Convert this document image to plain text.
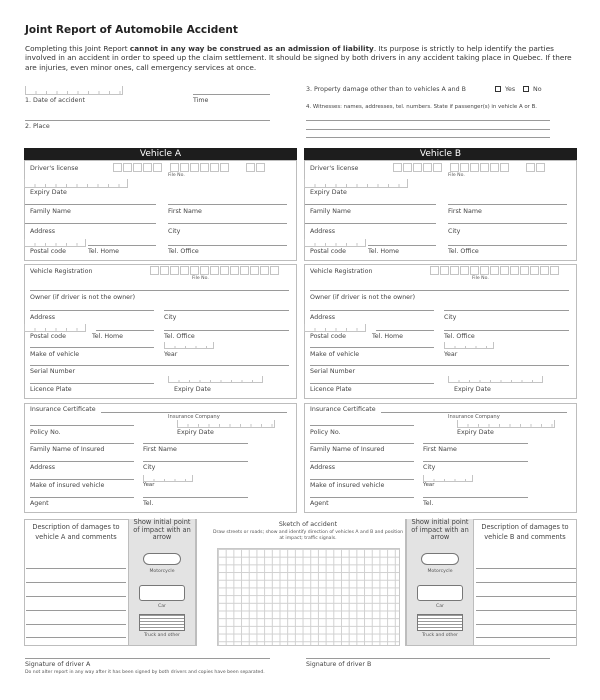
Joint Report of Automobile Accident
Completing this Joint Report cannot in any way be construed as an admission of liability. Its purpose is strictly to help identify the parties involved in an accident in order to speed up the claim settlement. It should be signed by both drivers in any accident taking place in Quebec. If there are injuries, even minor ones, call emergency services at once.
1. Date of accident	Time
2. Place
3. Property damage other than to vehicles A and B	Yes	No
4. Witnesses: names, addresses, tel. numbers. State if passenger(s) in vehicle A or B.
Vehicle A
Driver's license
File No.
Expiry Date
Family Name	First Name
Address	City
Postal code	Tel. Home	Tel. Office
Vehicle Registration
File No.
Owner (if driver is not the owner)
Address	City
Postal code	Tel. Home	Tel. Office
Make of vehicle	Year
Serial Number
Licence Plate	Expiry Date
Insurance Certificate
Insurance Company
Policy No.	Expiry Date
Family Name of Insured	First Name
Address	City
Make of insured vehicle	Year
Agent	Tel.
Vehicle B
Driver's license
File No.
Expiry Date
Family Name	First Name
Address	City
Postal code	Tel. Home	Tel. Office
Vehicle Registration
File No.
Owner (if driver is not the owner)
Address	City
Postal code	Tel. Home	Tel. Office
Make of vehicle	Year
Serial Number
Licence Plate	Expiry Date
Insurance Certificate
Insurance Company
Policy No.	Expiry Date
Family Name of Insured	First Name
Address	City
Make of insured vehicle	Year
Agent	Tel.
Description of damages to vehicle A and comments
Show initial point of impact with an arrow
Motorcycle
Car
Truck and other
Show initial point of impact with an arrow
Motorcycle
Car
Truck and other
Description of damages to vehicle B and comments
Sketch of accident
Draw streets or roads; show and identify direction of vehicles A and B and position at impact; traffic signals.
Signature of driver A
Do not alter report in any way after it has been signed by both drivers and copies have been separated.
Signature of driver B
